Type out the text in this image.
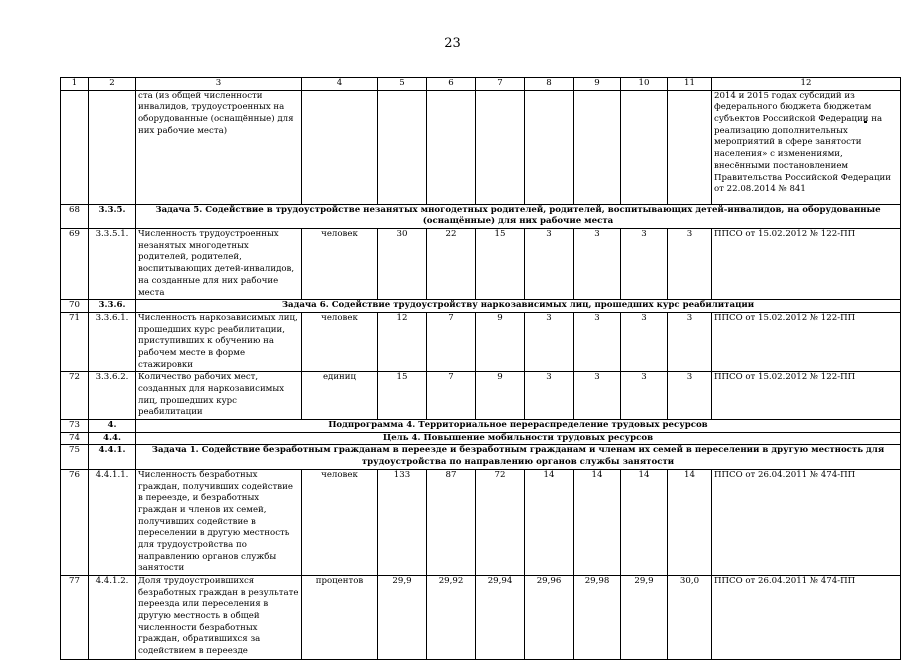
23
1	2	3	4	5	6	7	8	9	10	11	12
		ста (из общей численности инвалидов, трудоустроенных на оборудованные (оснащённые) для них рабочие места)									2014 и 2015 годах субсидий из федерального бюджета бюджетам субъектов Российской Федерации на реализацию дополнительных мероприятий в сфере занятости населения» с изменениями, внесёнными постановлением Правительства Российской Федерации от 22.08.2014 № 841
68	3.3.5.	Задача 5. Содействие в трудоустройстве незанятых многодетных родителей, родителей, воспитывающих детей-инвалидов, на оборудованные (оснащённые) для них рабочие места									
69	3.3.5.1.	Численность трудоустроенных незанятых многодетных родителей, родителей, воспитывающих детей-инвалидов, на созданные для них рабочие места	человек	30	22	15	3	3	3	3	ППСО от 15.02.2012 № 122-ПП
70	3.3.6.	Задача 6. Содействие трудоустройству наркозависимых лиц, прошедших курс реабилитации									
71	3.3.6.1.	Численность наркозависимых лиц, прошедших курс реабилитации, приступивших к обучению на рабочем месте в форме стажировки	человек	12	7	9	3	3	3	3	ППСО от 15.02.2012 № 122-ПП
72	3.3.6.2.	Количество рабочих мест, созданных для наркозависимых лиц, прошедших курс реабилитации	единиц	15	7	9	3	3	3	3	ППСО от 15.02.2012 № 122-ПП
73	4.	Подпрограмма 4. Территориальное перераспределение трудовых ресурсов									
74	4.4.	Цель 4. Повышение мобильности трудовых ресурсов									
75	4.4.1.	Задача 1. Содействие безработным гражданам в переезде и безработным гражданам и членам их семей в переселении в другую местность для трудоустройства по направлению органов службы занятости									
76	4.4.1.1.	Численность безработных граждан, получивших содействие в переезде, и безработных граждан и членов их семей, получивших содействие в переселении в другую местность для трудоустройства по направлению органов службы занятости	человек	133	87	72	14	14	14	14	ППСО от 26.04.2011 № 474-ПП
77	4.4.1.2.	Доля трудоустроившихся безработных граждан в результате переезда или переселения в другую местность в общей численности безработных граждан, обратившихся за содействием в переезде	процентов	29,9	29,92	29,94	29,96	29,98	29,9	30,0	ППСО от 26.04.2011 № 474-ПП
